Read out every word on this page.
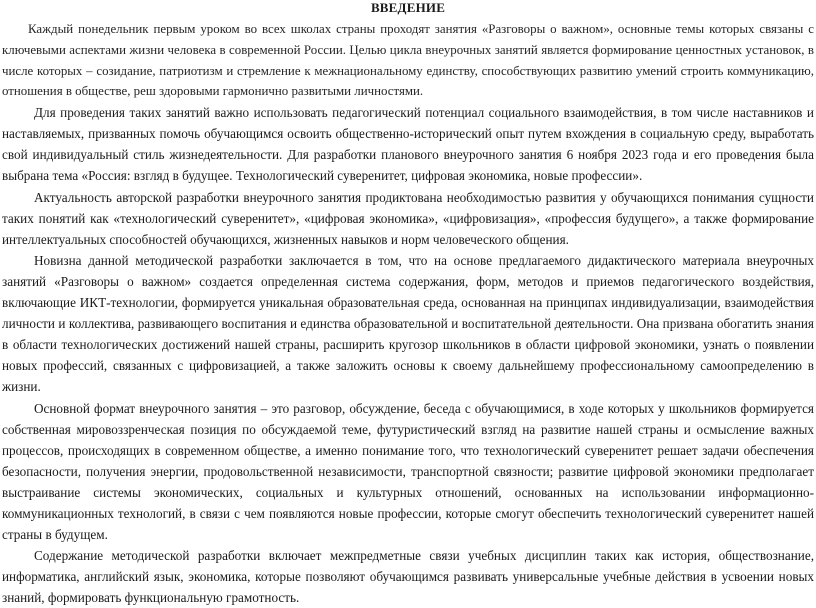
ВВЕДЕНИЕ

Каждый понедельник первым уроком во всех школах страны проходят занятия «Разговоры о важном», основные темы которых связаны с ключевыми аспектами жизни человека в современной России. Целью цикла внеурочных занятий является формирование ценностных установок, в числе которых – созидание, патриотизм и стремление к межнациональному единству, способствующих развитию умений строить коммуникацию, отношения в обществе, реш здоровыми гармонично развитыми личностями.

Для проведения таких занятий важно использовать педагогический потенциал социального взаимодействия, в том числе наставников и наставляемых, призванных помочь обучающимся освоить общественно-исторический опыт путем вхождения в социальную среду, выработать свой индивидуальный стиль жизнедеятельности. Для разработки планового внеурочного занятия 6 ноября 2023 года и его проведения была выбрана тема «Россия: взгляд в будущее. Технологический суверенитет, цифровая экономика, новые профессии».

Актуальность авторской разработки внеурочного занятия продиктована необходимостью развития у обучающихся понимания сущности таких понятий как «технологический суверенитет», «цифровая экономика», «цифровизация», «профессия будущего», а также формирование интеллектуальных способностей обучающихся, жизненных навыков и норм человеческого общения.

Новизна данной методической разработки заключается в том, что на основе предлагаемого дидактического материала внеурочных занятий «Разговоры о важном» создается определенная система содержания, форм, методов и приемов педагогического воздействия, включающие ИКТ-технологии, формируется уникальная образовательная среда, основанная на принципах индивидуализации, взаимодействия личности и коллектива, развивающего воспитания и единства образовательной и воспитательной деятельности. Она призвана обогатить знания в области технологических достижений нашей страны, расширить кругозор школьников в области цифровой экономики, узнать о появлении новых профессий, связанных с цифровизацией, а также заложить основы к своему дальнейшему профессиональному самоопределению в жизни.

Основной формат внеурочного занятия – это разговор, обсуждение, беседа с обучающимися, в ходе которых у школьников формируется собственная мировоззренческая позиция по обсуждаемой теме, футуристический взгляд на развитие нашей страны и осмысление важных процессов, происходящих в современном обществе, а именно понимание того, что технологический суверенитет решает задачи обеспечения безопасности, получения энергии, продовольственной независимости, транспортной связности; развитие цифровой экономики предполагает выстраивание системы экономических, социальных и культурных отношений, основанных на использовании информационно-коммуникационных технологий, в связи с чем появляются новые профессии, которые смогут обеспечить технологический суверенитет нашей страны в будущем.

Содержание методической разработки включает межпредметные связи учебных дисциплин таких как история, обществознание, информатика, английский язык, экономика, которые позволяют обучающимся развивать универсальные учебные действия в усвоении новых знаний, формировать функциональную грамотность.
